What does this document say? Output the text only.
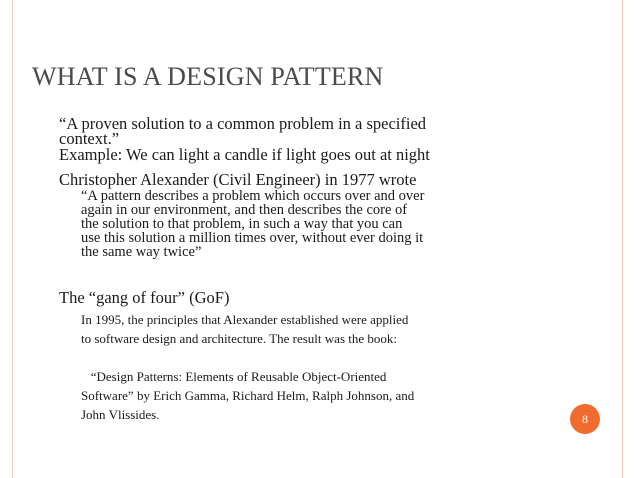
WHAT IS A DESIGN PATTERN
“A proven solution to a common problem in a specified
context.”
Example: We can light a candle if light goes out at night
Christopher Alexander (Civil Engineer) in 1977 wrote
“A pattern describes a problem which occurs over and over
again in our environment, and then describes the core of
the solution to that problem, in such a way that you can
use this solution a million times over, without ever doing it
the same way twice”
The “gang of four” (GoF)
In 1995, the principles that Alexander established were applied
to software design and architecture. The result was the book:
“Design Patterns: Elements of Reusable Object-Oriented
Software” by Erich Gamma, Richard Helm, Ralph Johnson, and
John Vlissides.	8
